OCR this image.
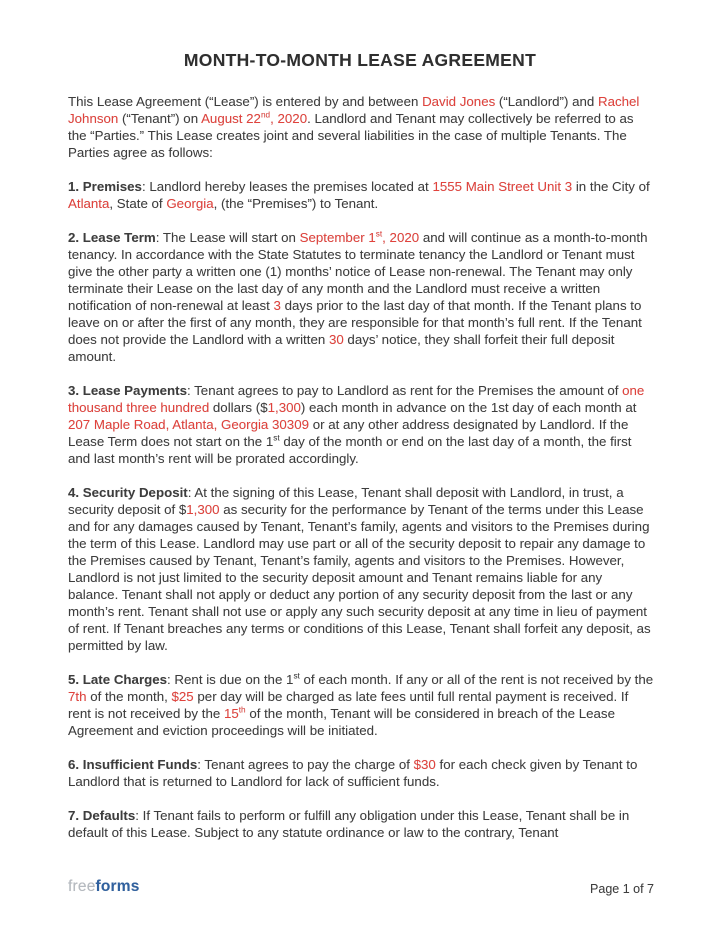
MONTH-TO-MONTH LEASE AGREEMENT

This Lease Agreement (“Lease”) is entered by and between David Jones (“Landlord”) and Rachel Johnson (“Tenant”) on August 22nd, 2020. Landlord and Tenant may collectively be referred to as the “Parties.” This Lease creates joint and several liabilities in the case of multiple Tenants. The Parties agree as follows:

1. Premises: Landlord hereby leases the premises located at 1555 Main Street Unit 3 in the City of Atlanta, State of Georgia, (the “Premises”) to Tenant.

2. Lease Term: The Lease will start on September 1st, 2020 and will continue as a month-to-month tenancy. In accordance with the State Statutes to terminate tenancy the Landlord or Tenant must give the other party a written one (1) months’ notice of Lease non-renewal. The Tenant may only terminate their Lease on the last day of any month and the Landlord must receive a written notification of non-renewal at least 3 days prior to the last day of that month. If the Tenant plans to leave on or after the first of any month, they are responsible for that month’s full rent. If the Tenant does not provide the Landlord with a written 30 days’ notice, they shall forfeit their full deposit amount.

3. Lease Payments: Tenant agrees to pay to Landlord as rent for the Premises the amount of one thousand three hundred dollars ($1,300) each month in advance on the 1st day of each month at 207 Maple Road, Atlanta, Georgia 30309 or at any other address designated by Landlord. If the Lease Term does not start on the 1st day of the month or end on the last day of a month, the first and last month’s rent will be prorated accordingly.

4. Security Deposit: At the signing of this Lease, Tenant shall deposit with Landlord, in trust, a security deposit of $1,300 as security for the performance by Tenant of the terms under this Lease and for any damages caused by Tenant, Tenant’s family, agents and visitors to the Premises during the term of this Lease. Landlord may use part or all of the security deposit to repair any damage to the Premises caused by Tenant, Tenant’s family, agents and visitors to the Premises. However, Landlord is not just limited to the security deposit amount and Tenant remains liable for any balance. Tenant shall not apply or deduct any portion of any security deposit from the last or any month’s rent. Tenant shall not use or apply any such security deposit at any time in lieu of payment of rent. If Tenant breaches any terms or conditions of this Lease, Tenant shall forfeit any deposit, as permitted by law.

5. Late Charges: Rent is due on the 1st of each month. If any or all of the rent is not received by the 7th of the month, $25 per day will be charged as late fees until full rental payment is received. If rent is not received by the 15th of the month, Tenant will be considered in breach of the Lease Agreement and eviction proceedings will be initiated.

6. Insufficient Funds: Tenant agrees to pay the charge of $30 for each check given by Tenant to Landlord that is returned to Landlord for lack of sufficient funds.

7. Defaults: If Tenant fails to perform or fulfill any obligation under this Lease, Tenant shall be in default of this Lease. Subject to any statute ordinance or law to the contrary, Tenant

freeforms	Page 1 of 7
